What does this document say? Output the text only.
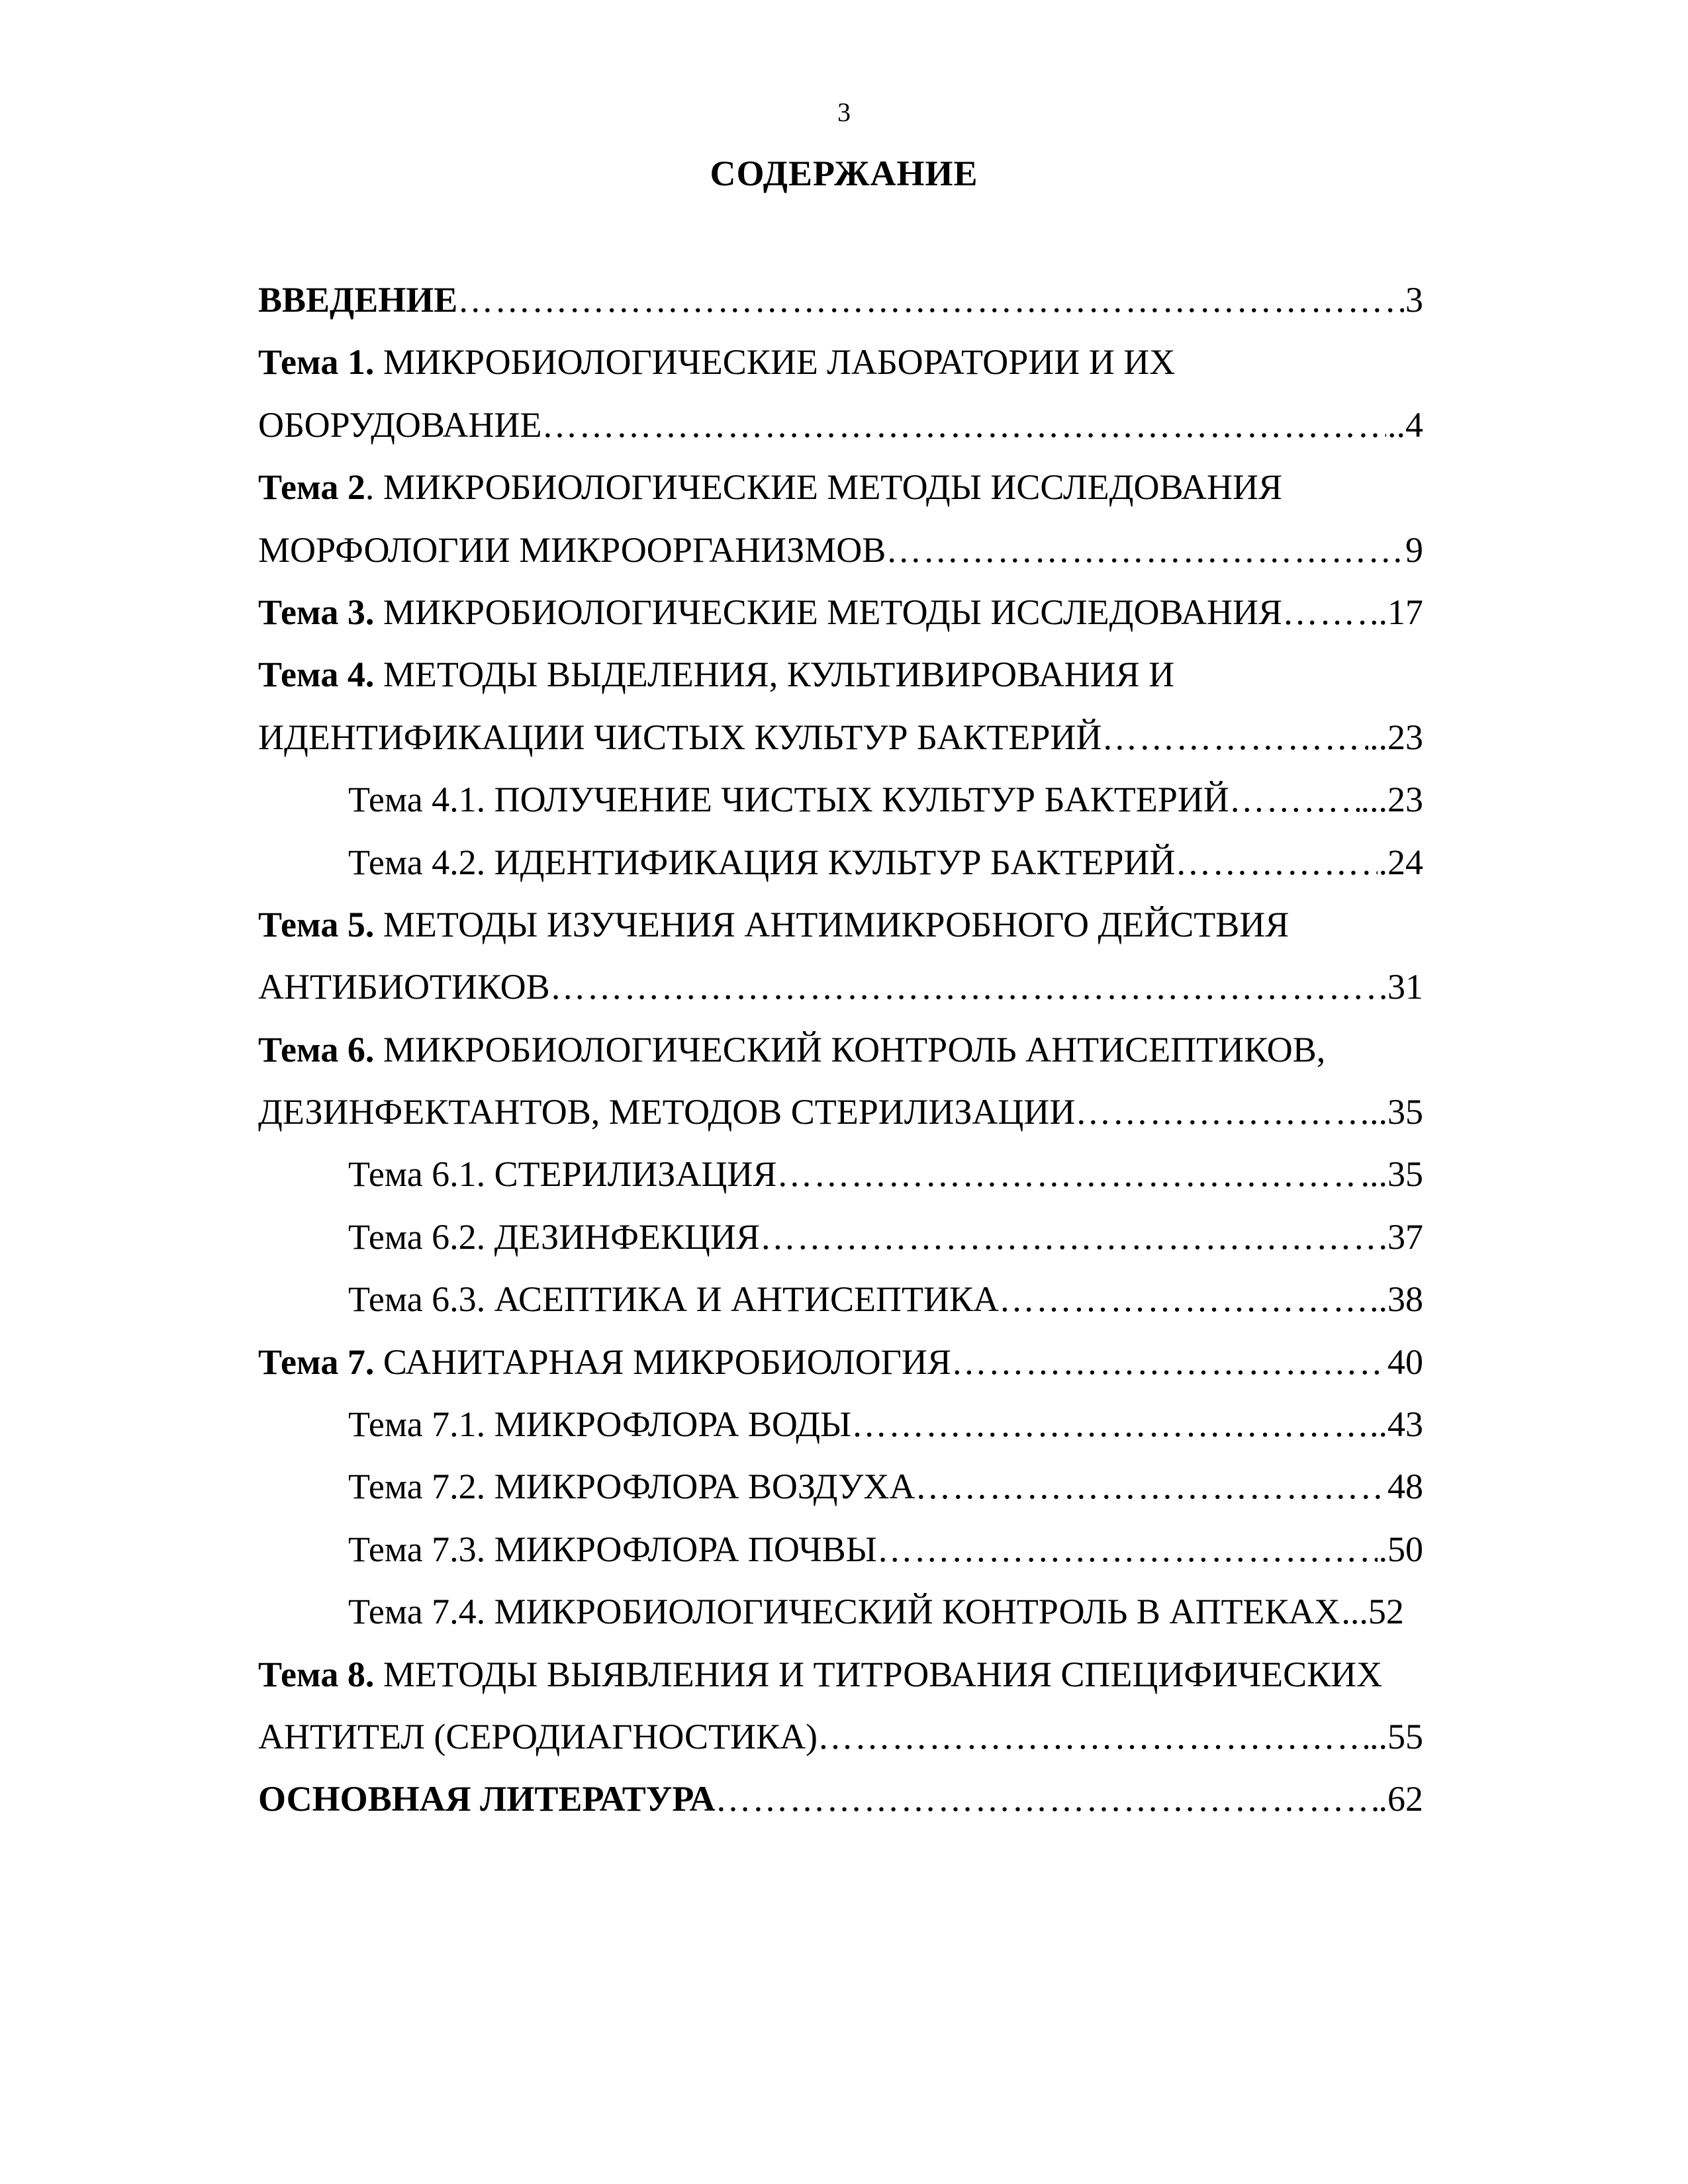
3
СОДЕРЖАНИЕ
ВВЕДЕНИЕ …………………………………………………………………………………………………………………………………………………………………………………………………………	3
Тема 1. МИКРОБИОЛОГИЧЕСКИЕ ЛАБОРАТОРИИ И ИХ
ОБОРУДОВАНИЕ …………………………………………………………………………………………………………………………………………………………………………………………………………	..4
Тема 2. МИКРОБИОЛОГИЧЕСКИЕ МЕТОДЫ ИССЛЕДОВАНИЯ
МОРФОЛОГИИ МИКРООРГАНИЗМОВ …………………………………………………………………………………………………………………………………………………………………………………………………………	9
Тема 3. МИКРОБИОЛОГИЧЕСКИЕ МЕТОДЫ ИССЛЕДОВАНИЯ ………………………………………………………………………………………………………………………………………………………………………………………………………… ..17
Тема 4. МЕТОДЫ ВЫДЕЛЕНИЯ, КУЛЬТИВИРОВАНИЯ И
ИДЕНТИФИКАЦИИ ЧИСТЫХ КУЛЬТУР БАКТЕРИЙ …………………………………………………………………………………………………………………………………………………………………………………………………………	..23
Тема 4.1. ПОЛУЧЕНИЕ ЧИСТЫХ КУЛЬТУР БАКТЕРИЙ …………………………………………………………………………………………………………………………………………………………………………………………………………	...23
Тема 4.2. ИДЕНТИФИКАЦИЯ КУЛЬТУР БАКТЕРИЙ …………………………………………………………………………………………………………………………………………………………………………………………………………	.24
Тема 5. МЕТОДЫ ИЗУЧЕНИЯ АНТИМИКРОБНОГО ДЕЙСТВИЯ
АНТИБИОТИКОВ …………………………………………………………………………………………………………………………………………………………………………………………………………	31
Тема 6. МИКРОБИОЛОГИЧЕСКИЙ КОНТРОЛЬ АНТИСЕПТИКОВ,
ДЕЗИНФЕКТАНТОВ, МЕТОДОВ СТЕРИЛИЗАЦИИ …………………………………………………………………………………………………………………………………………………………………………………………………………	..35
Тема 6.1. СТЕРИЛИЗАЦИЯ …………………………………………………………………………………………………………………………………………………………………………………………………………	...35
Тема 6.2. ДЕЗИНФЕКЦИЯ …………………………………………………………………………………………………………………………………………………………………………………………………………	.37
Тема 6.3. АСЕПТИКА И АНТИСЕПТИКА …………………………………………………………………………………………………………………………………………………………………………………………………………	..38
Тема 7. САНИТАРНАЯ МИКРОБИОЛОГИЯ …………………………………………………………………………………………………………………………………………………………………………………………………………	40
Тема 7.1. МИКРОФЛОРА ВОДЫ …………………………………………………………………………………………………………………………………………………………………………………………………………	..43
Тема 7.2. МИКРОФЛОРА ВОЗДУХА …………………………………………………………………………………………………………………………………………………………………………………………………………	48
Тема 7.3. МИКРОФЛОРА ПОЧВЫ …………………………………………………………………………………………………………………………………………………………………………………………………………	.50
Тема 7.4. МИКРОБИОЛОГИЧЕСКИЙ КОНТРОЛЬ В АПТЕКАХ ...52
Тема 8. МЕТОДЫ ВЫЯВЛЕНИЯ И ТИТРОВАНИЯ СПЕЦИФИЧЕСКИХ
АНТИТЕЛ (СЕРОДИАГНОСТИКА) …………………………………………………………………………………………………………………………………………………………………………………………………………	..55
ОСНОВНАЯ ЛИТЕРАТУРА …………………………………………………………………………………………………………………………………………………………………………………………………………	.62
